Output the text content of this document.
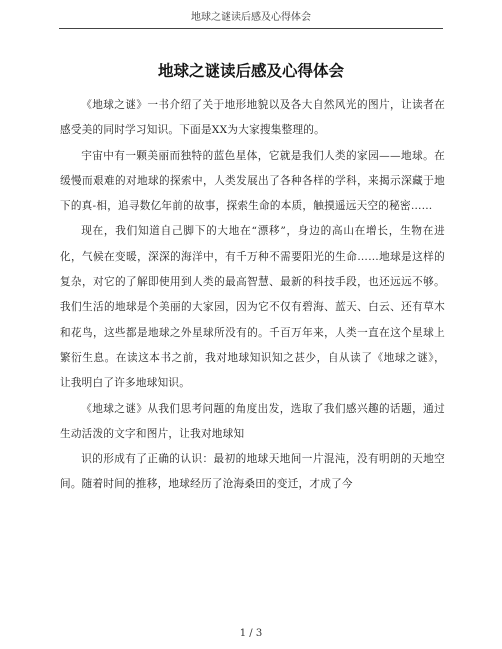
地球之谜读后感及心得体会
地球之谜读后感及心得体会

《地球之谜》一书介绍了关于地形地貌以及各大自然风光的图片，让读者在感受美的同时学习知识。下面是XX为大家搜集整理的。

宇宙中有一颗美丽而独特的蓝色星体，它就是我们人类的家园——地球。在缓慢而艰难的对地球的探索中，人类发展出了各种各样的学科，来揭示深藏于地下的真-相，追寻数亿年前的故事，探索生命的本质，触摸遥远天空的秘密……

现在，我们知道自己脚下的大地在“漂移”，身边的高山在增长，生物在进化，气候在变暖，深深的海洋中，有千万种不需要阳光的生命……地球是这样的复杂，对它的了解即使用到人类的最高智慧、最新的科技手段，也还远远不够。我们生活的地球是个美丽的大家园，因为它不仅有碧海、蓝天、白云、还有草木和花鸟，这些都是地球之外星球所没有的。千百万年来，人类一直在这个星球上繁衍生息。在读这本书之前，我对地球知识知之甚少，自从读了《地球之谜》，让我明白了许多地球知识。

《地球之谜》从我们思考问题的角度出发，选取了我们感兴趣的话题，通过生动活泼的文字和图片，让我对地球知

识的形成有了正确的认识：最初的地球天地间一片混沌，没有明朗的天地空间。随着时间的推移，地球经历了沧海桑田的变迁，才成了今

1 / 3
